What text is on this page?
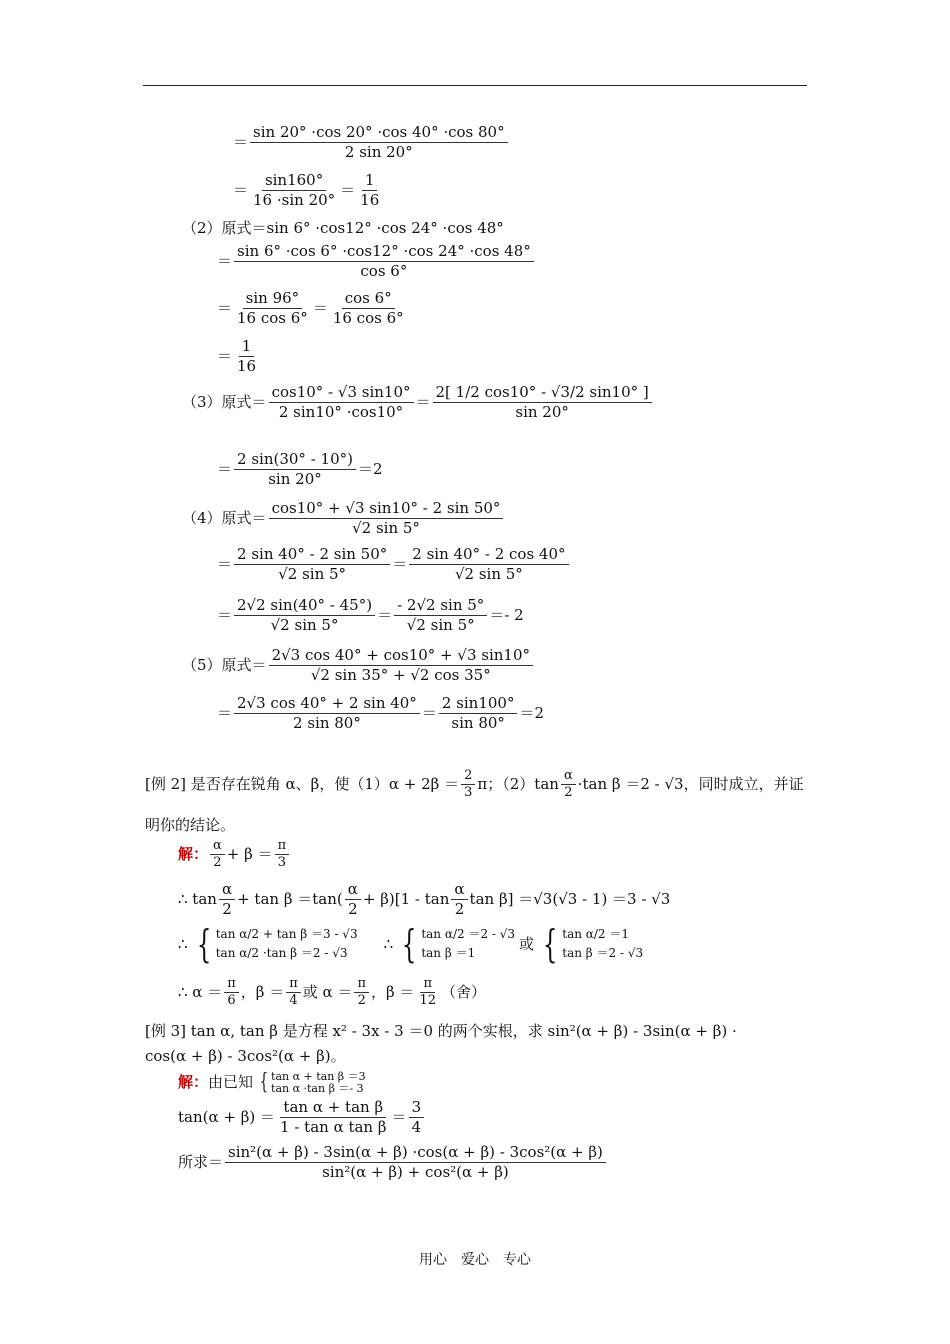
＝
sin 20° ·cos 20° ·cos 40° ·cos 80°
2 sin 20°
＝
sin160°
16 ·sin 20°
＝
1
16
（2）原式＝sin 6° ·cos12° ·cos 24° ·cos 48°
＝
sin 6° ·cos 6° ·cos12° ·cos 24° ·cos 48°
cos 6°
＝
sin 96°
16 cos 6°
＝
cos 6°
16 cos 6°
＝
1
16
（3）原式 ＝
cos10° - √3 sin10°
2 sin10° ·cos10°
＝
2[ 1/2 cos10° - √3/2 sin10° ]
sin 20°
＝
2 sin(30° - 10°)
sin 20°
＝2
（4）原式 ＝
cos10° + √3 sin10° - 2 sin 50°
√2 sin 5°
＝
2 sin 40° - 2 sin 50°
√2 sin 5°
＝
2 sin 40° - 2 cos 40°
√2 sin 5°
＝
2√2 sin(40° - 45°)
√2 sin 5°
＝
- 2√2 sin 5°
√2 sin 5°
＝- 2
（5）原式 ＝
2√3 cos 40° + cos10° + √3 sin10°
√2 sin 35° + √2 cos 35°
＝
2√3 cos 40° + 2 sin 40°
2 sin 80°
＝
2 sin100°
sin 80°
＝2
[例 2] 是否存在锐角 α、β，使（1）α + 2β ＝ 2
3 π；（2）tan α
2 ·tan β ＝2 - √3，同时成立，并证
明你的结论。
解： α
2 + β ＝ π
3
∴ tan
α
2
+ tan β ＝tan(
α
2
+ β)[1 - tan
α
2
tan β] ＝√3(√3 - 1) ＝3 - √3
∴ { tan α/2 + tan β ＝3 - √3
tan α/2 ·tan β ＝2 - √3
∴ { tan α/2 ＝2 - √3
tan β ＝1
或 { tan α/2 ＝1
tan β ＝2 - √3
∴ α ＝ π
6 ，β ＝ π
4 或 α ＝ π
2 ，β ＝ π
12 （舍）
[例 3] tan α, tan β 是方程 x² - 3x - 3 ＝0 的两个实根，求 sin²(α + β) - 3sin(α + β) ·
cos(α + β) - 3cos²(α + β)。
解： 由已知 { tan α + tan β ＝3
tan α ·tan β ＝- 3
tan(α + β) ＝
tan α + tan β
1 - tan α tan β
＝
3
4
所求＝
sin²(α + β) - 3sin(α + β) ·cos(α + β) - 3cos²(α + β)
sin²(α + β) + cos²(α + β)
用心　爱心　专心
